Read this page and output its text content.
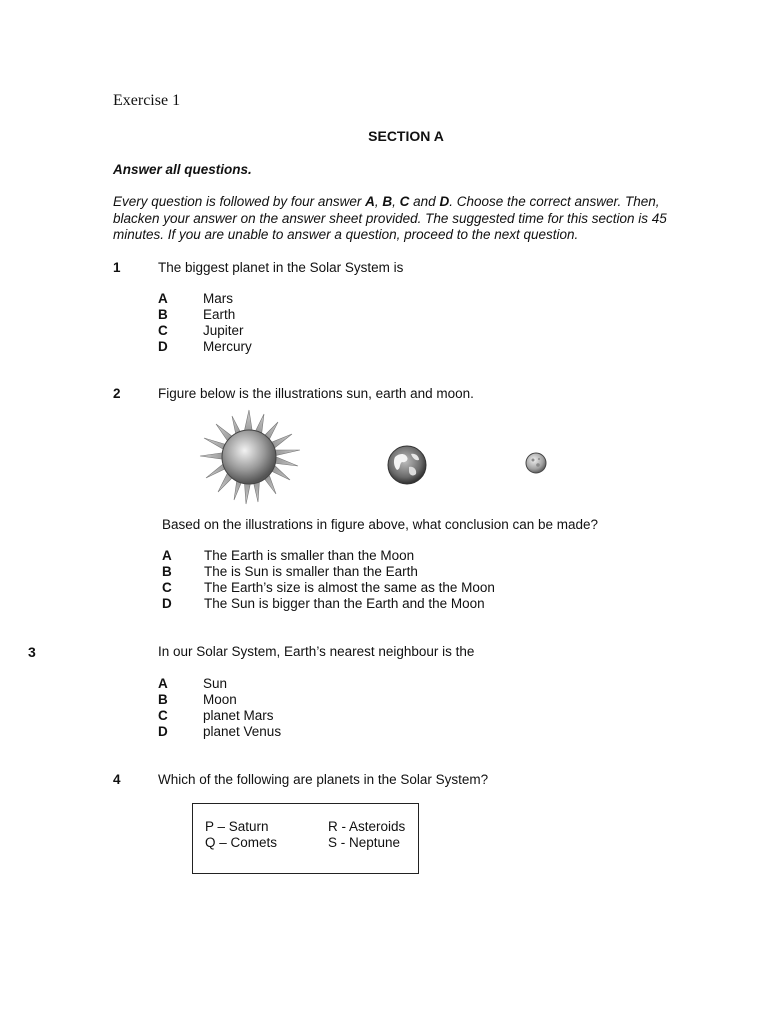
Exercise 1
SECTION A
Answer all questions.
Every question is followed by four answer A, B, C and D. Choose the correct answer. Then, blacken your answer on the answer sheet provided. The suggested time for this section is 45 minutes. If you are unable to answer a question, proceed to the next question.
1	The biggest planet in the Solar System is
A	Mars
B	Earth
C	Jupiter
D	Mercury
2	Figure below is the illustrations sun, earth and moon.
Based on the illustrations in figure above, what conclusion can be made?
A The Earth is smaller than the Moon
B The is Sun is smaller than the Earth
C The Earth’s size is almost the same as the Moon
D The Sun is bigger than the Earth and the Moon
3	In our Solar System, Earth’s nearest neighbour is the
A	Sun
B	Moon
C	planet Mars
D	planet Venus
4	Which of the following are planets in the Solar System?
P – Saturn	R - Asteroids
Q – Comets	S - Neptune
